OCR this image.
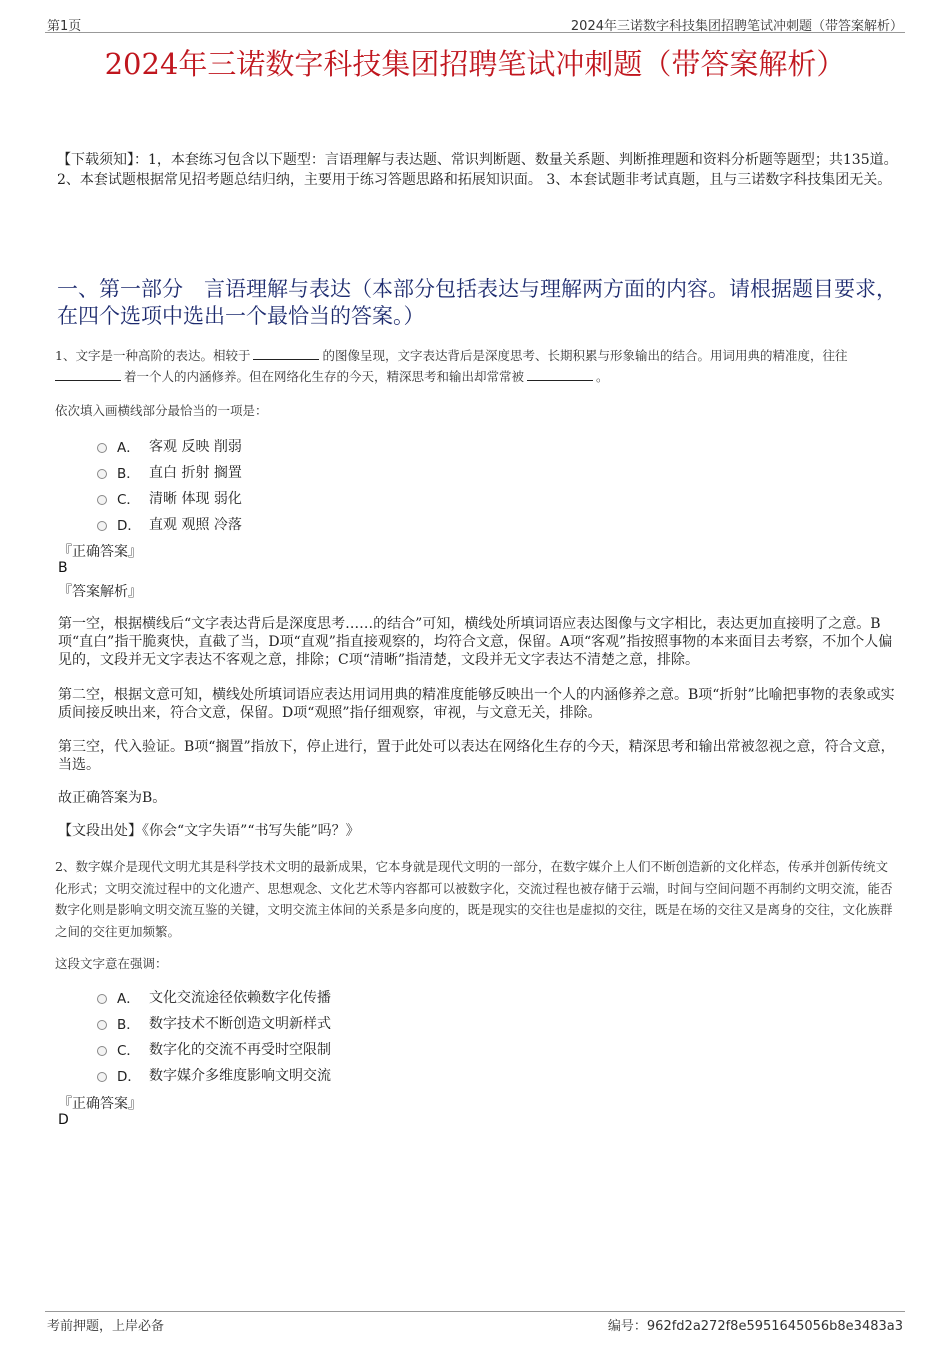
第1页	2024年三诺数字科技集团招聘笔试冲刺题（带答案解析）
2024年三诺数字科技集团招聘笔试冲刺题（带答案解析）
【下载须知】：1，本套练习包含以下题型：言语理解与表达题、常识判断题、数量关系题、判断推理题和资料分析题等题型；共135道。 2、本套试题根据常见招考题总结归纳，主要用于练习答题思路和拓展知识面。 3、本套试题非考试真题，且与三诺数字科技集团无关。
一、第一部分　言语理解与表达（本部分包括表达与理解两方面的内容。请根据题目要求，在四个选项中选出一个最恰当的答案。）
1、文字是一种高阶的表达。相较于	的图像呈现，文字表达背后是深度思考、长期积累与形象输出的结合。用词用典的精准度，往往
着一个人的内涵修养。但在网络化生存的今天，精深思考和输出却常常被	。
依次填入画横线部分最恰当的一项是：
A． 客观 反映 削弱
B． 直白 折射 搁置
C． 清晰 体现 弱化
D． 直观 观照 冷落
『正确答案』
B
『答案解析』
第一空，根据横线后“文字表达背后是深度思考……的结合”可知，横线处所填词语应表达图像与文字相比，表达更加直接明了之意。B项“直白”指干脆爽快，直截了当，D项“直观”指直接观察的，均符合文意，保留。A项“客观”指按照事物的本来面目去考察，不加个人偏见的，文段并无文字表达不客观之意，排除；C项“清晰”指清楚，文段并无文字表达不清楚之意，排除。
第二空，根据文意可知，横线处所填词语应表达用词用典的精准度能够反映出一个人的内涵修养之意。B项“折射”比喻把事物的表象或实质间接反映出来，符合文意，保留。D项“观照”指仔细观察，审视，与文意无关，排除。
第三空，代入验证。B项“搁置”指放下，停止进行，置于此处可以表达在网络化生存的今天，精深思考和输出常被忽视之意，符合文意，当选。
故正确答案为B。
【文段出处】《你会“文字失语”“书写失能”吗？》
2、数字媒介是现代文明尤其是科学技术文明的最新成果，它本身就是现代文明的一部分，在数字媒介上人们不断创造新的文化样态，传承并创新传统文化形式；文明交流过程中的文化遗产、思想观念、文化艺术等内容都可以被数字化，交流过程也被存储于云端，时间与空间问题不再制约文明交流，能否数字化则是影响文明交流互鉴的关键，文明交流主体间的关系是多向度的，既是现实的交往也是虚拟的交往，既是在场的交往又是离身的交往，文化族群之间的交往更加频繁。
这段文字意在强调：
A． 文化交流途径依赖数字化传播
B． 数字技术不断创造文明新样式
C． 数字化的交流不再受时空限制
D． 数字媒介多维度影响文明交流
『正确答案』
D
考前押题，上岸必备	编号：962fd2a272f8e5951645056b8e3483a3
